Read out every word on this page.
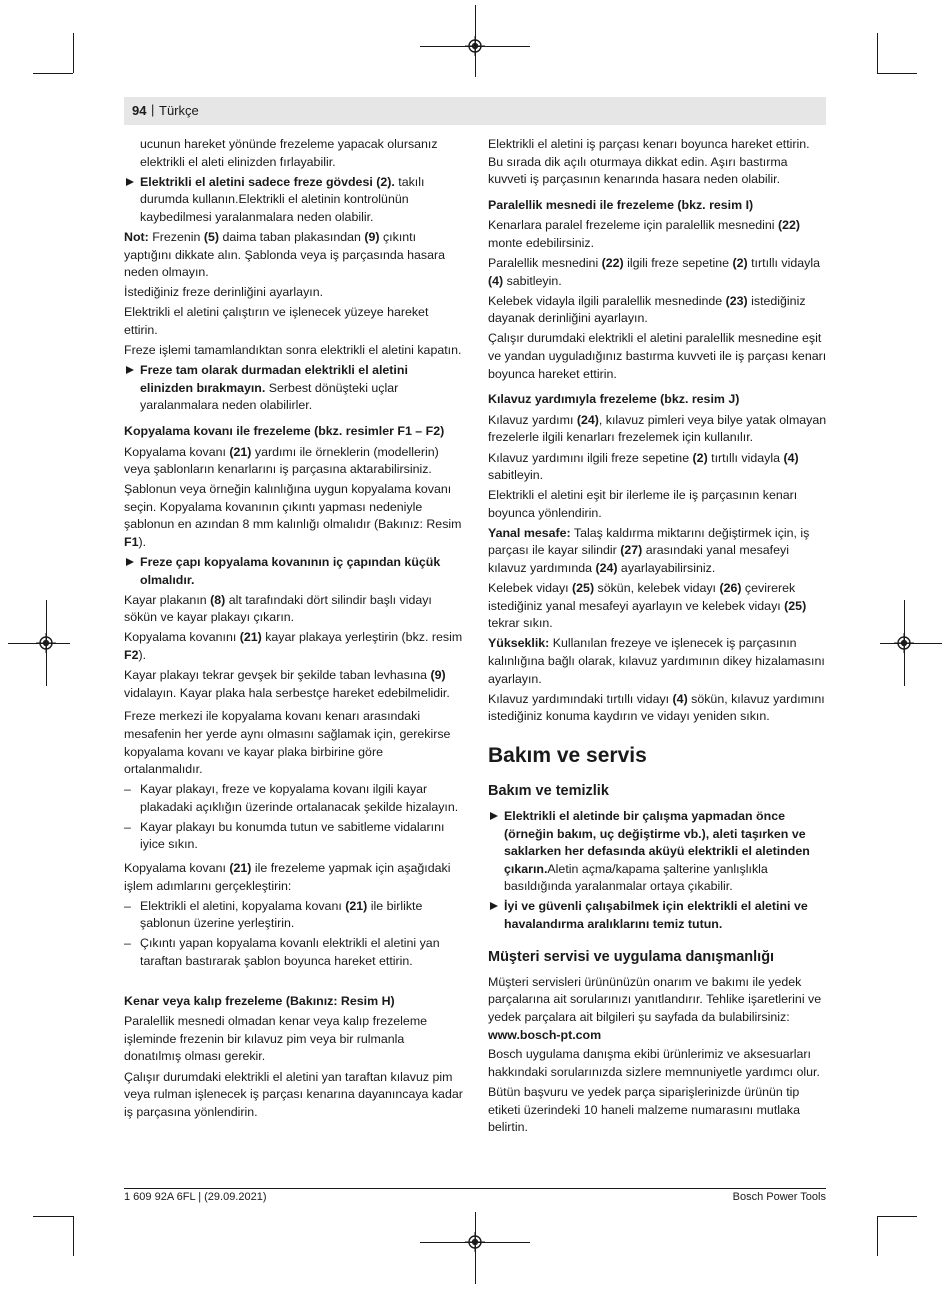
94 | Türkçe

ucunun hareket yönünde frezeleme yapacak olursanız elektrikli el aleti elinizden fırlayabilir.

Elektrikli el aletini sadece freze gövdesi (2). takılı durumda kullanın.Elektrikli el aletinin kontrolünün kaybedilmesi yaralanmalara neden olabilir.

Not: Frezenin (5) daima taban plakasından (9) çıkıntı yaptığını dikkate alın. Şablonda veya iş parçasında hasara neden olmayın.

İstediğiniz freze derinliğini ayarlayın.

Elektrikli el aletini çalıştırın ve işlenecek yüzeye hareket ettirin.

Freze işlemi tamamlandıktan sonra elektrikli el aletini kapatın.

Freze tam olarak durmadan elektrikli el aletini elinizden bırakmayın. Serbest dönüşteki uçlar yaralanmalara neden olabilirler.

Kopyalama kovanı ile frezeleme (bkz. resimler F1 – F2)

Kopyalama kovanı (21) yardımı ile örneklerin (modellerin) veya şablonların kenarlarını iş parçasına aktarabilirsiniz.

Şablonun veya örneğin kalınlığına uygun kopyalama kovanı seçin. Kopyalama kovanının çıkıntı yapması nedeniyle şablonun en azından 8 mm kalınlığı olmalıdır (Bakınız: Resim F1).

Freze çapı kopyalama kovanının iç çapından küçük olmalıdır.

Kayar plakanın (8) alt tarafındaki dört silindir başlı vidayı sökün ve kayar plakayı çıkarın.

Kopyalama kovanını (21) kayar plakaya yerleştirin (bkz. resim F2).

Kayar plakayı tekrar gevşek bir şekilde taban levhasına (9) vidalayın. Kayar plaka hala serbestçe hareket edebilmelidir.

Freze merkezi ile kopyalama kovanı kenarı arasındaki mesafenin her yerde aynı olmasını sağlamak için, gerekirse kopyalama kovanı ve kayar plaka birbirine göre ortalanmalıdır.

– Kayar plakayı, freze ve kopyalama kovanı ilgili kayar plakadaki açıklığın üzerinde ortalanacak şekilde hizalayın.

– Kayar plakayı bu konumda tutun ve sabitleme vidalarını iyice sıkın.

Kopyalama kovanı (21) ile frezeleme yapmak için aşağıdaki işlem adımlarını gerçekleştirin:

– Elektrikli el aletini, kopyalama kovanı (21) ile birlikte şablonun üzerine yerleştirin.

– Çıkıntı yapan kopyalama kovanlı elektrikli el aletini yan taraftan bastırarak şablon boyunca hareket ettirin.

Kenar veya kalıp frezeleme (Bakınız: Resim H)

Paralellik mesnedi olmadan kenar veya kalıp frezeleme işleminde frezenin bir kılavuz pim veya bir rulmanla donatılmış olması gerekir.

Çalışır durumdaki elektrikli el aletini yan taraftan kılavuz pim veya rulman işlenecek iş parçası kenarına dayanıncaya kadar iş parçasına yönlendirin.

Elektrikli el aletini iş parçası kenarı boyunca hareket ettirin. Bu sırada dik açılı oturmaya dikkat edin. Aşırı bastırma kuvveti iş parçasının kenarında hasara neden olabilir.

Paralellik mesnedi ile frezeleme (bkz. resim I)

Kenarlara paralel frezeleme için paralellik mesnedini (22) monte edebilirsiniz.

Paralellik mesnedini (22) ilgili freze sepetine (2) tırtıllı vidayla (4) sabitleyin.

Kelebek vidayla ilgili paralellik mesnedinde (23) istediğiniz dayanak derinliğini ayarlayın.

Çalışır durumdaki elektrikli el aletini paralellik mesnedine eşit ve yandan uyguladığınız bastırma kuvveti ile iş parçası kenarı boyunca hareket ettirin.

Kılavuz yardımıyla frezeleme (bkz. resim J)

Kılavuz yardımı (24), kılavuz pimleri veya bilye yatak olmayan frezelerle ilgili kenarları frezelemek için kullanılır.

Kılavuz yardımını ilgili freze sepetine (2) tırtıllı vidayla (4) sabitleyin.

Elektrikli el aletini eşit bir ilerleme ile iş parçasının kenarı boyunca yönlendirin.

Yanal mesafe: Talaş kaldırma miktarını değiştirmek için, iş parçası ile kayar silindir (27) arasındaki yanal mesafeyi kılavuz yardımında (24) ayarlayabilirsiniz.

Kelebek vidayı (25) sökün, kelebek vidayı (26) çevirerek istediğiniz yanal mesafeyi ayarlayın ve kelebek vidayı (25) tekrar sıkın.

Yükseklik: Kullanılan frezeye ve işlenecek iş parçasının kalınlığına bağlı olarak, kılavuz yardımının dikey hizalamasını ayarlayın.

Kılavuz yardımındaki tırtıllı vidayı (4) sökün, kılavuz yardımını istediğiniz konuma kaydırın ve vidayı yeniden sıkın.

Bakım ve servis
Bakım ve temizlik

Elektrikli el aletinde bir çalışma yapmadan önce (örneğin bakım, uç değiştirme vb.), aleti taşırken ve saklarken her defasında aküyü elektrikli el aletinden çıkarın.Aletin açma/kapama şalterine yanlışlıkla basıldığında yaralanmalar ortaya çıkabilir.

İyi ve güvenli çalışabilmek için elektrikli el aletini ve havalandırma aralıklarını temiz tutun.

Müşteri servisi ve uygulama danışmanlığı

Müşteri servisleri ürününüzün onarım ve bakımı ile yedek parçalarına ait sorularınızı yanıtlandırır. Tehlike işaretlerini ve yedek parçalara ait bilgileri şu sayfada da bulabilirsiniz:

www.bosch-pt.com

Bosch uygulama danışma ekibi ürünlerimiz ve aksesuarları hakkındaki sorularınızda sizlere memnuniyetle yardımcı olur.

Bütün başvuru ve yedek parça siparişlerinizde ürünün tip etiketi üzerindeki 10 haneli malzeme numarasını mutlaka belirtin.

1 609 92A 6FL | (29.09.2021)	Bosch Power Tools
